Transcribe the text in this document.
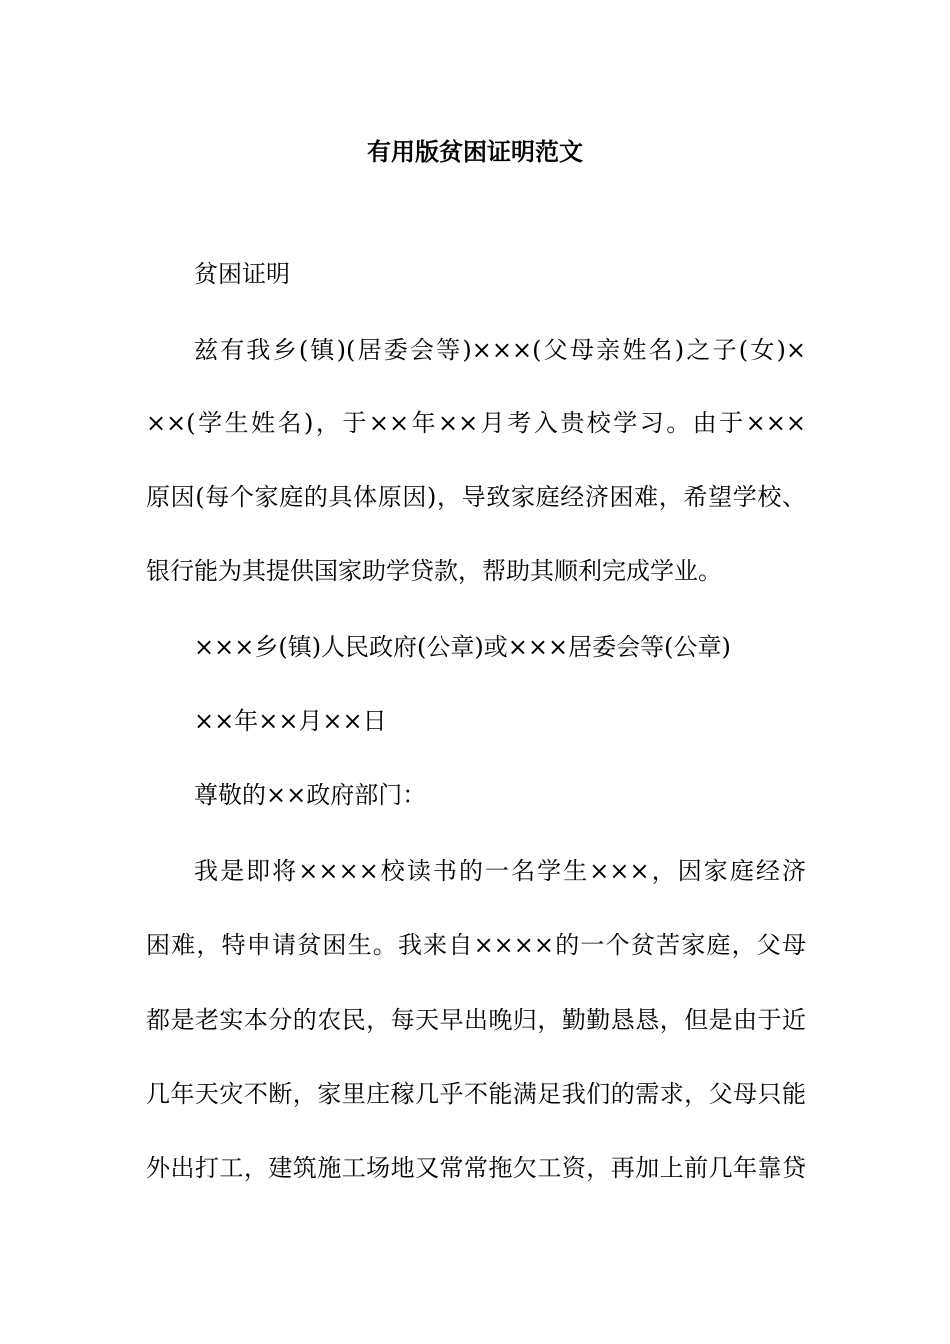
有用版贫困证明范文
贫困证明
兹有我乡(镇)(居委会等)×××(父母亲姓名)之子(女)×
××(学生姓名)，于××年××月考入贵校学习。由于×××
原因(每个家庭的具体原因)，导致家庭经济困难，希望学校、
银行能为其提供国家助学贷款，帮助其顺利完成学业。
×××乡(镇)人民政府(公章)或×××居委会等(公章)
××年××月××日
尊敬的××政府部门：
我是即将××××校读书的一名学生×××，因家庭经济
困难，特申请贫困生。我来自××××的一个贫苦家庭，父母
都是老实本分的农民，每天早出晚归，勤勤恳恳，但是由于近
几年天灾不断，家里庄稼几乎不能满足我们的需求，父母只能
外出打工，建筑施工场地又常常拖欠工资，再加上前几年靠贷
